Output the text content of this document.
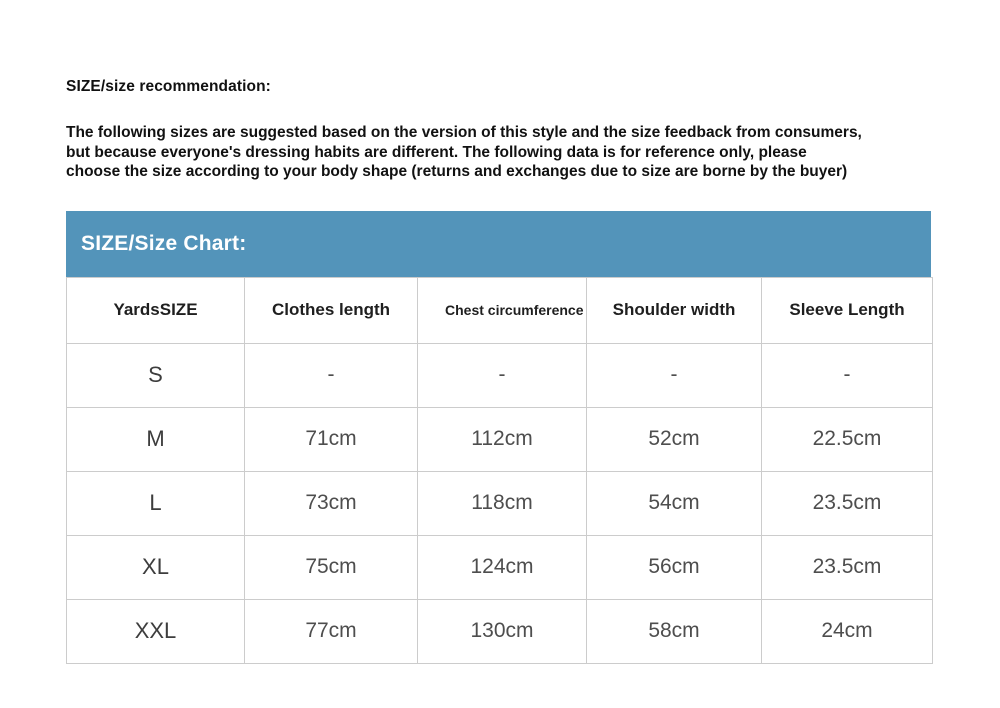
SIZE/size recommendation:
The following sizes are suggested based on the version of this style and the size feedback from consumers,
but because everyone's dressing habits are different. The following data is for reference only, please
choose the size according to your body shape (returns and exchanges due to size are borne by the buyer)
SIZE/Size Chart:
YardsSIZE	Clothes length	Chest circumference	Shoulder width	Sleeve Length
S	-	-	-	-
M	71cm	112cm	52cm	22.5cm
L	73cm	118cm	54cm	23.5cm
XL	75cm	124cm	56cm	23.5cm
XXL	77cm	130cm	58cm	24cm
